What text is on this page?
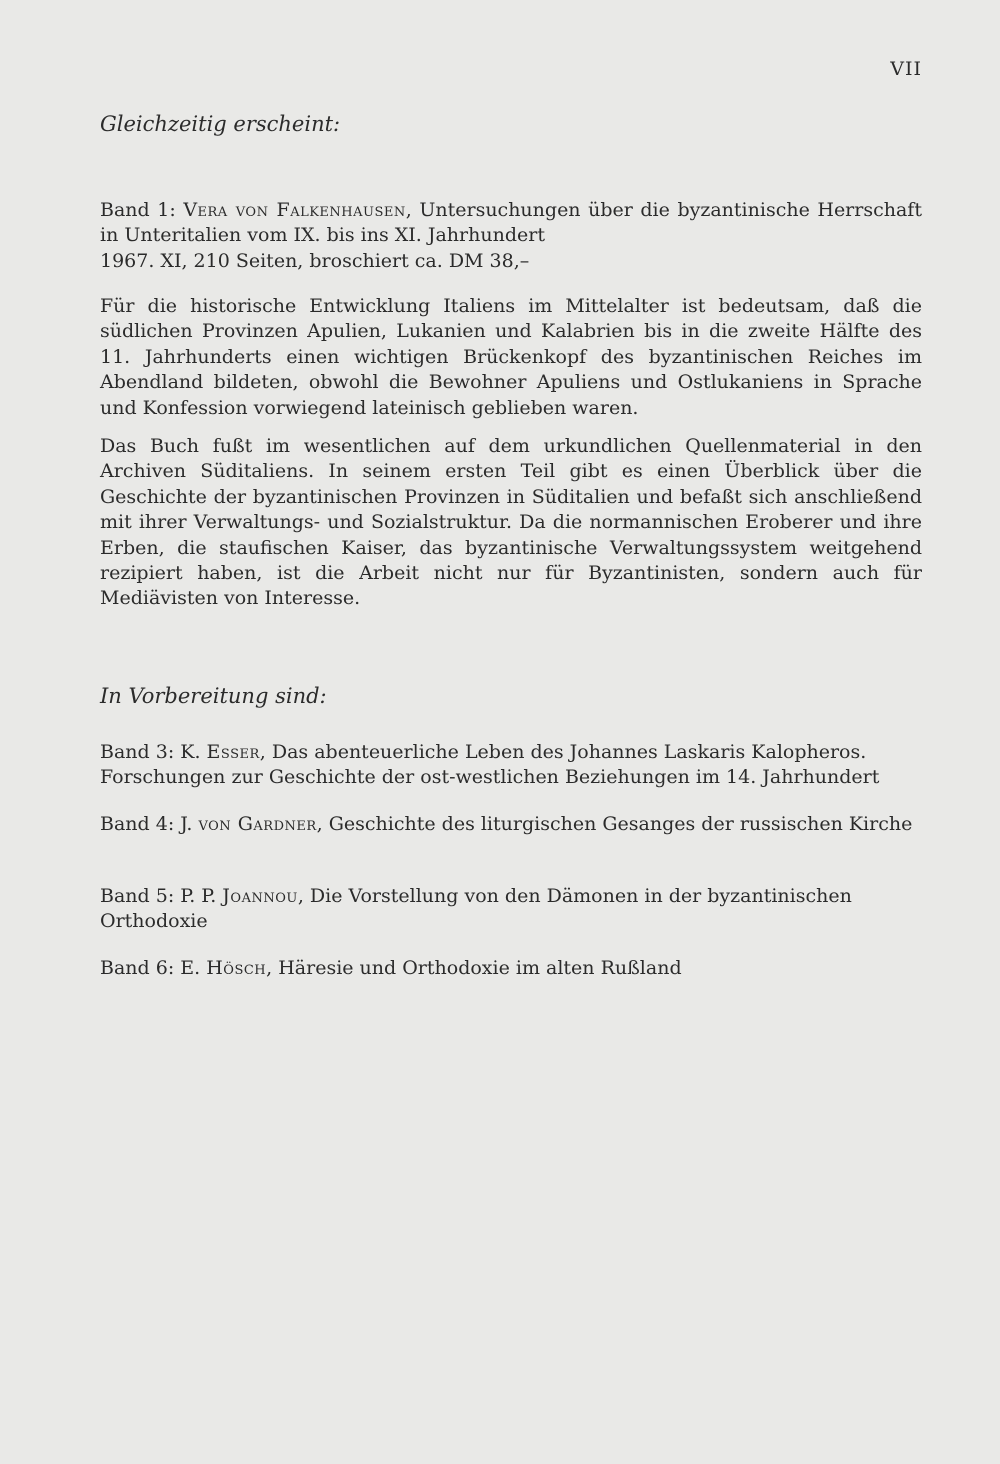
VII
Gleichzeitig erscheint:

Band 1: Vera von Falkenhausen, Untersuchungen über die byzantinische Herrschaft in Unteritalien vom IX. bis ins XI. Jahrhundert
1967. XI, 210 Seiten, broschiert ca. DM 38,–

Für die historische Entwicklung Italiens im Mittelalter ist bedeutsam, daß die südlichen Provinzen Apulien, Lukanien und Kalabrien bis in die zweite Hälfte des 11. Jahrhunderts einen wichtigen Brückenkopf des byzantinischen Reiches im Abendland bildeten, obwohl die Bewohner Apuliens und Ostlukaniens in Sprache und Konfession vorwiegend lateinisch geblieben waren.

Das Buch fußt im wesentlichen auf dem urkundlichen Quellenmaterial in den Archiven Süditaliens. In seinem ersten Teil gibt es einen Überblick über die Geschichte der byzantinischen Provinzen in Süditalien und befaßt sich anschließend mit ihrer Verwaltungs- und Sozialstruktur. Da die normannischen Eroberer und ihre Erben, die staufischen Kaiser, das byzantinische Verwaltungssystem weitgehend rezipiert haben, ist die Arbeit nicht nur für Byzantinisten, sondern auch für Mediävisten von Interesse.

In Vorbereitung sind:

Band 3: K. Esser, Das abenteuerliche Leben des Johannes Laskaris Kalopheros. Forschungen zur Geschichte der ost-westlichen Beziehungen im 14. Jahrhundert

Band 4: J. von Gardner, Geschichte des liturgischen Gesanges der russischen Kirche

Band 5: P. P. Joannou, Die Vorstellung von den Dämonen in der byzantinischen Orthodoxie

Band 6: E. Hösch, Häresie und Orthodoxie im alten Rußland
